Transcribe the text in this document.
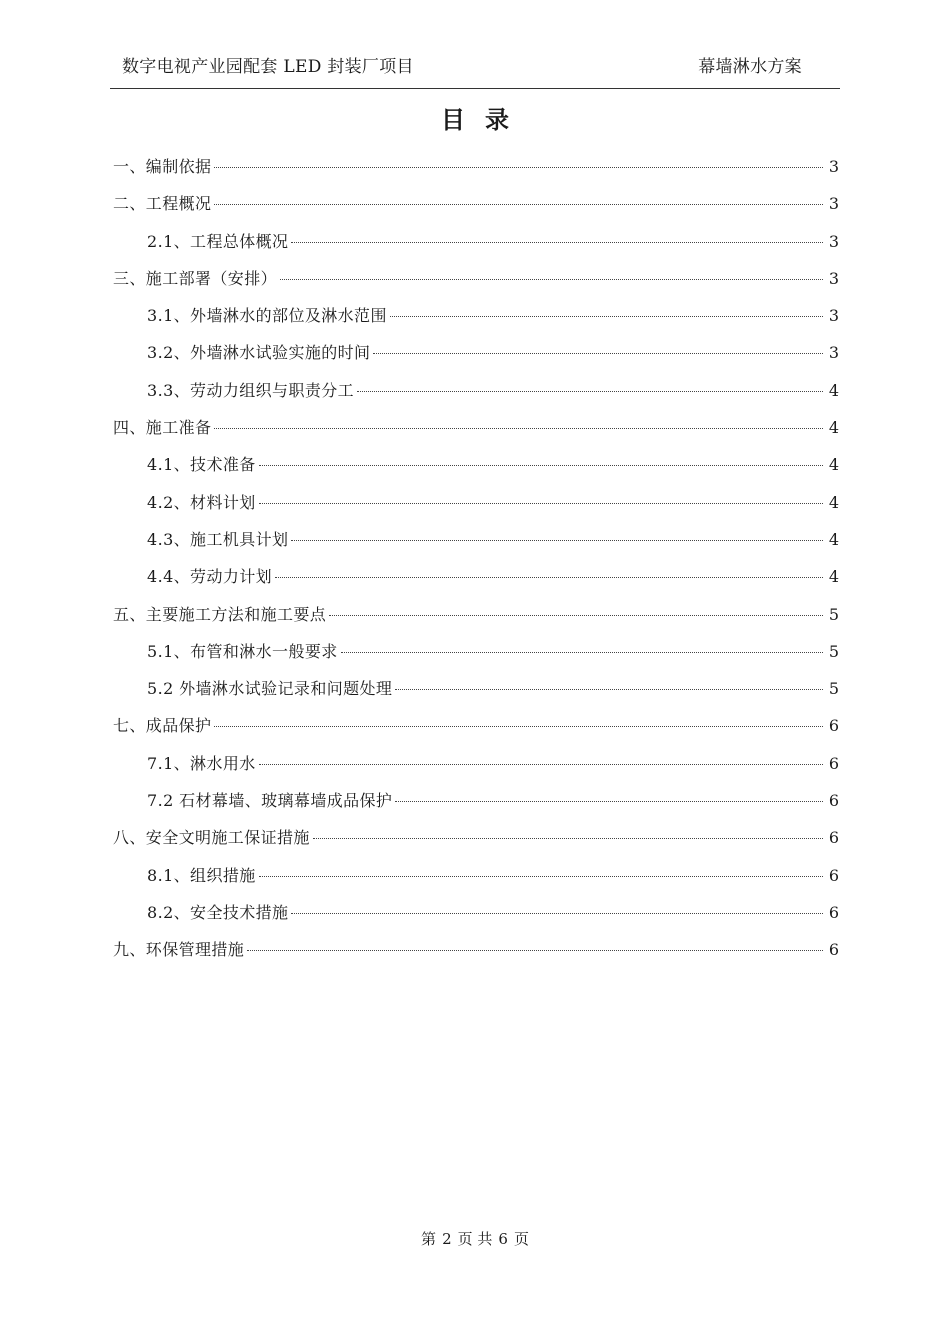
数字电视产业园配套 LED 封装厂项目	幕墙淋水方案
目录
一、编制依据	3
二、工程概况	3
2.1、工程总体概况	3
三、施工部署（安排）	3
3.1、外墙淋水的部位及淋水范围	3
3.2、外墙淋水试验实施的时间	3
3.3、劳动力组织与职责分工	4
四、施工准备	4
4.1、技术准备	4
4.2、材料计划	4
4.3、施工机具计划	4
4.4、劳动力计划	4
五、主要施工方法和施工要点	5
5.1、布管和淋水一般要求	5
5.2 外墙淋水试验记录和问题处理	5
七、成品保护	6
7.1、淋水用水	6
7.2 石材幕墙、玻璃幕墙成品保护	6
八、安全文明施工保证措施	6
8.1、组织措施	6
8.2、安全技术措施	6
九、环保管理措施	6
第 2 页 共 6 页
